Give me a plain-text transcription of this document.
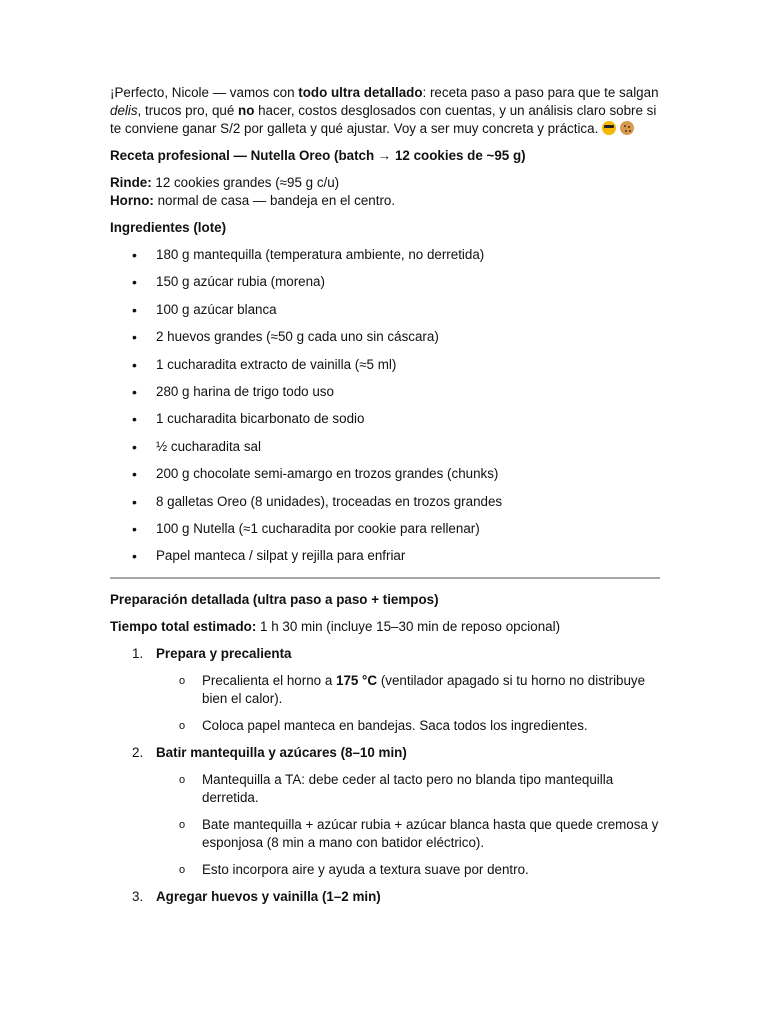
¡Perfecto, Nicole — vamos con todo ultra detallado: receta paso a paso para que te salgan delis, trucos pro, qué no hacer, costos desglosados con cuentas, y un análisis claro sobre si te conviene ganar S/2 por galleta y qué ajustar. Voy a ser muy concreta y práctica.

Receta profesional — Nutella Oreo (batch → 12 cookies de ~95 g)

Rinde: 12 cookies grandes (≈95 g c/u)

Horno: normal de casa — bandeja en el centro.

Ingredientes (lote)

• 180 g mantequilla (temperatura ambiente, no derretida)
• 150 g azúcar rubia (morena)
• 100 g azúcar blanca
• 2 huevos grandes (≈50 g cada uno sin cáscara)
• 1 cucharadita extracto de vainilla (≈5 ml)
• 280 g harina de trigo todo uso
• 1 cucharadita bicarbonato de sodio
• ½ cucharadita sal
• 200 g chocolate semi-amargo en trozos grandes (chunks)
• 8 galletas Oreo (8 unidades), troceadas en trozos grandes
• 100 g Nutella (≈1 cucharadita por cookie para rellenar)
• Papel manteca / silpat y rejilla para enfriar

Preparación detallada (ultra paso a paso + tiempos)

Tiempo total estimado: 1 h 30 min (incluye 15–30 min de reposo opcional)

1. Prepara y precalienta
o Precalienta el horno a 175 °C (ventilador apagado si tu horno no distribuye bien el calor).
o Coloca papel manteca en bandejas. Saca todos los ingredientes.
2. Batir mantequilla y azúcares (8–10 min)
o Mantequilla a TA: debe ceder al tacto pero no blanda tipo mantequilla derretida.
o Bate mantequilla + azúcar rubia + azúcar blanca hasta que quede cremosa y esponjosa (8 min a mano con batidor eléctrico).
o Esto incorpora aire y ayuda a textura suave por dentro.
3. Agregar huevos y vainilla (1–2 min)
